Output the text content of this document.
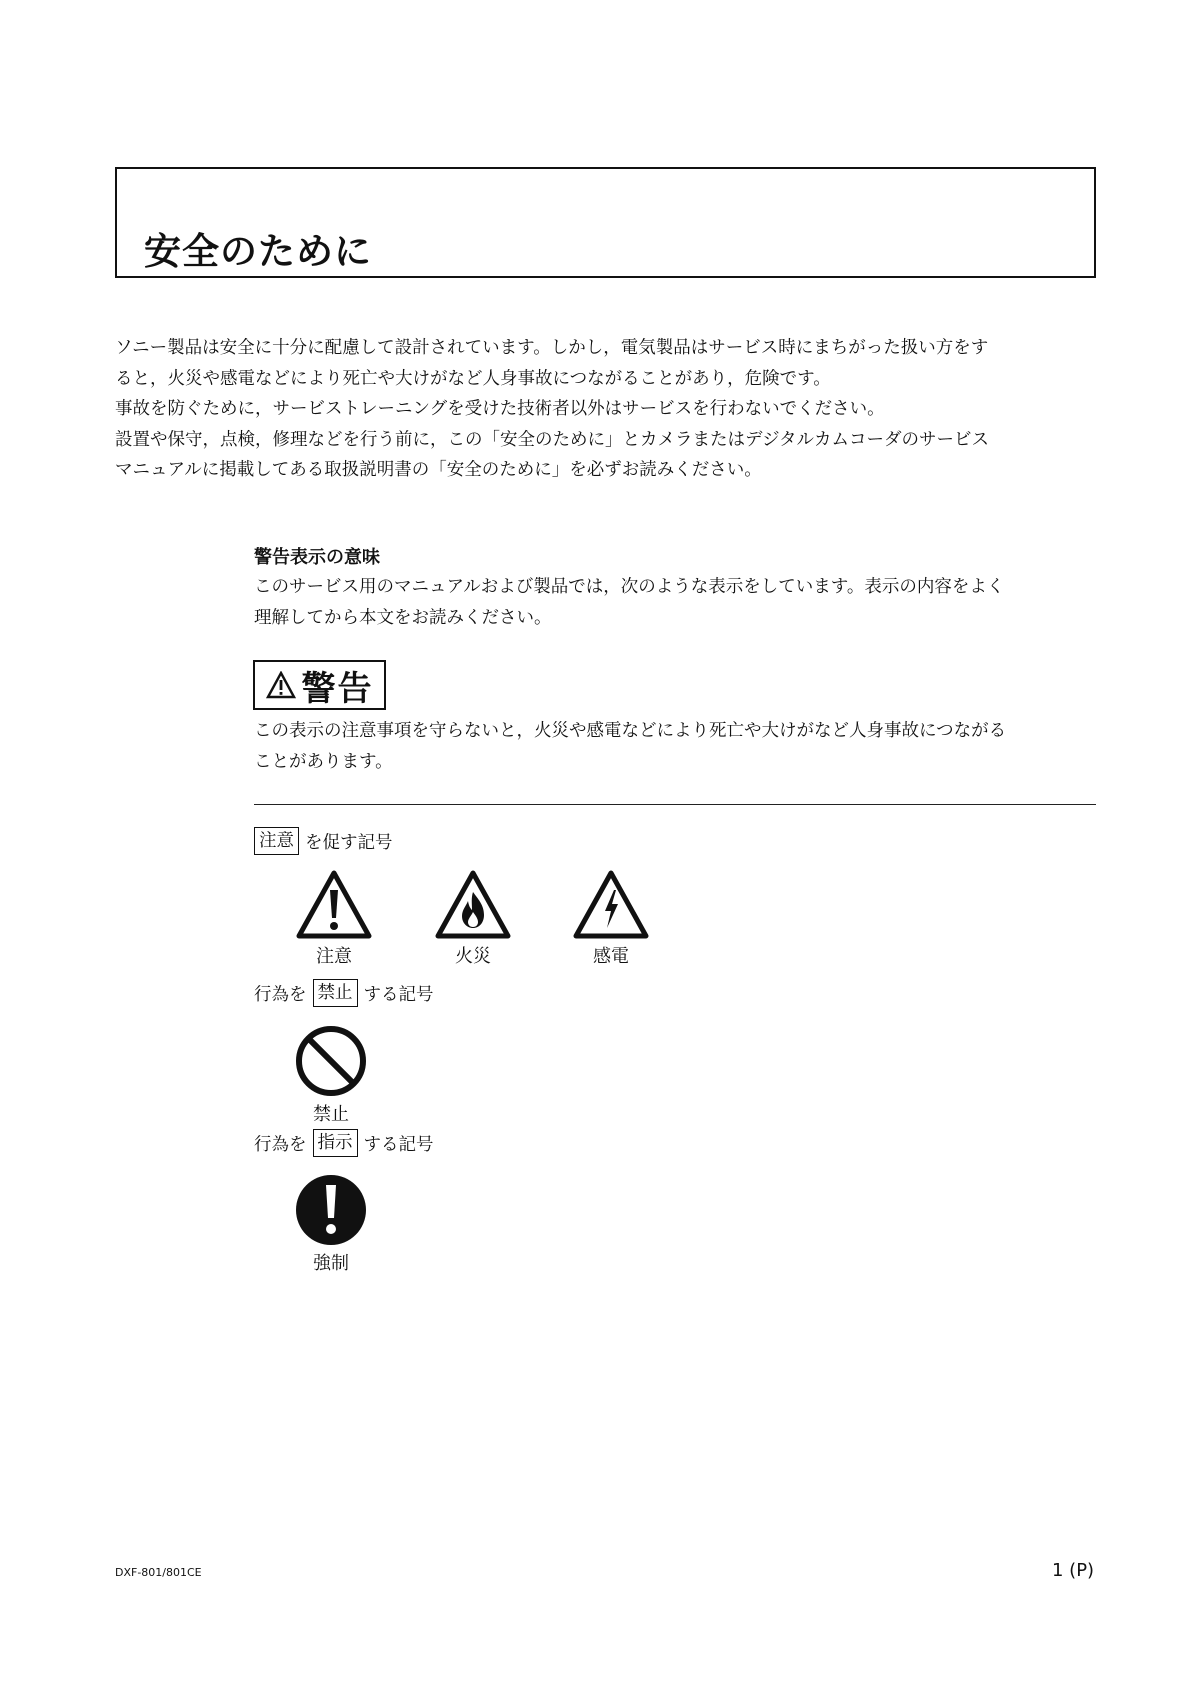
安全のために

ソニー製品は安全に十分に配慮して設計されています。しかし，電気製品はサービス時にまちがった扱い方をす

ると，火災や感電などにより死亡や大けがなど人身事故につながることがあり，危険です。

事故を防ぐために，サービストレーニングを受けた技術者以外はサービスを行わないでください。

設置や保守，点検，修理などを行う前に，この「安全のために」とカメラまたはデジタルカムコーダのサービス

マニュアルに掲載してある取扱説明書の「安全のために」を必ずお読みください。

警告表示の意味

このサービス用のマニュアルおよび製品では，次のような表示をしています。表示の内容をよく

理解してから本文をお読みください。

警告

この表示の注意事項を守らないと，火災や感電などにより死亡や大けがなど人身事故につながる

ことがあります。

注意 を促す記号
注意	火災	感電
行為を 禁止 する記号
禁止
行為を 指示 する記号
強制
DXF-801/801CE	1 (P)
